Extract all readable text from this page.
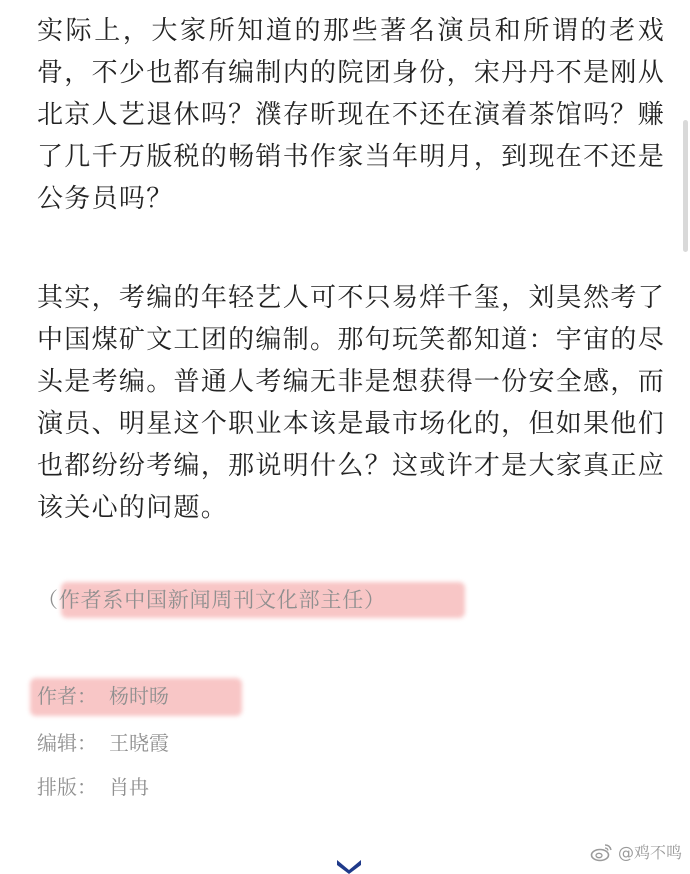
实际上，大家所知道的那些著名演员和所谓的老戏骨，不少也都有编制内的院团身份，宋丹丹不是刚从北京人艺退休吗？濮存昕现在不还在演着茶馆吗？赚了几千万版税的畅销书作家当年明月，到现在不还是公务员吗？

其实，考编的年轻艺人可不只易烊千玺，刘昊然考了中国煤矿文工团的编制。那句玩笑都知道：宇宙的尽头是考编。普通人考编无非是想获得一份安全感，而演员、明星这个职业本该是最市场化的，但如果他们也都纷纷考编，那说明什么？这或许才是大家真正应该关心的问题。

（作者系中国新闻周刊文化部主任）

作者： 杨时旸

编辑： 王晓霞

排版： 肖冉

@鸡不鸣
